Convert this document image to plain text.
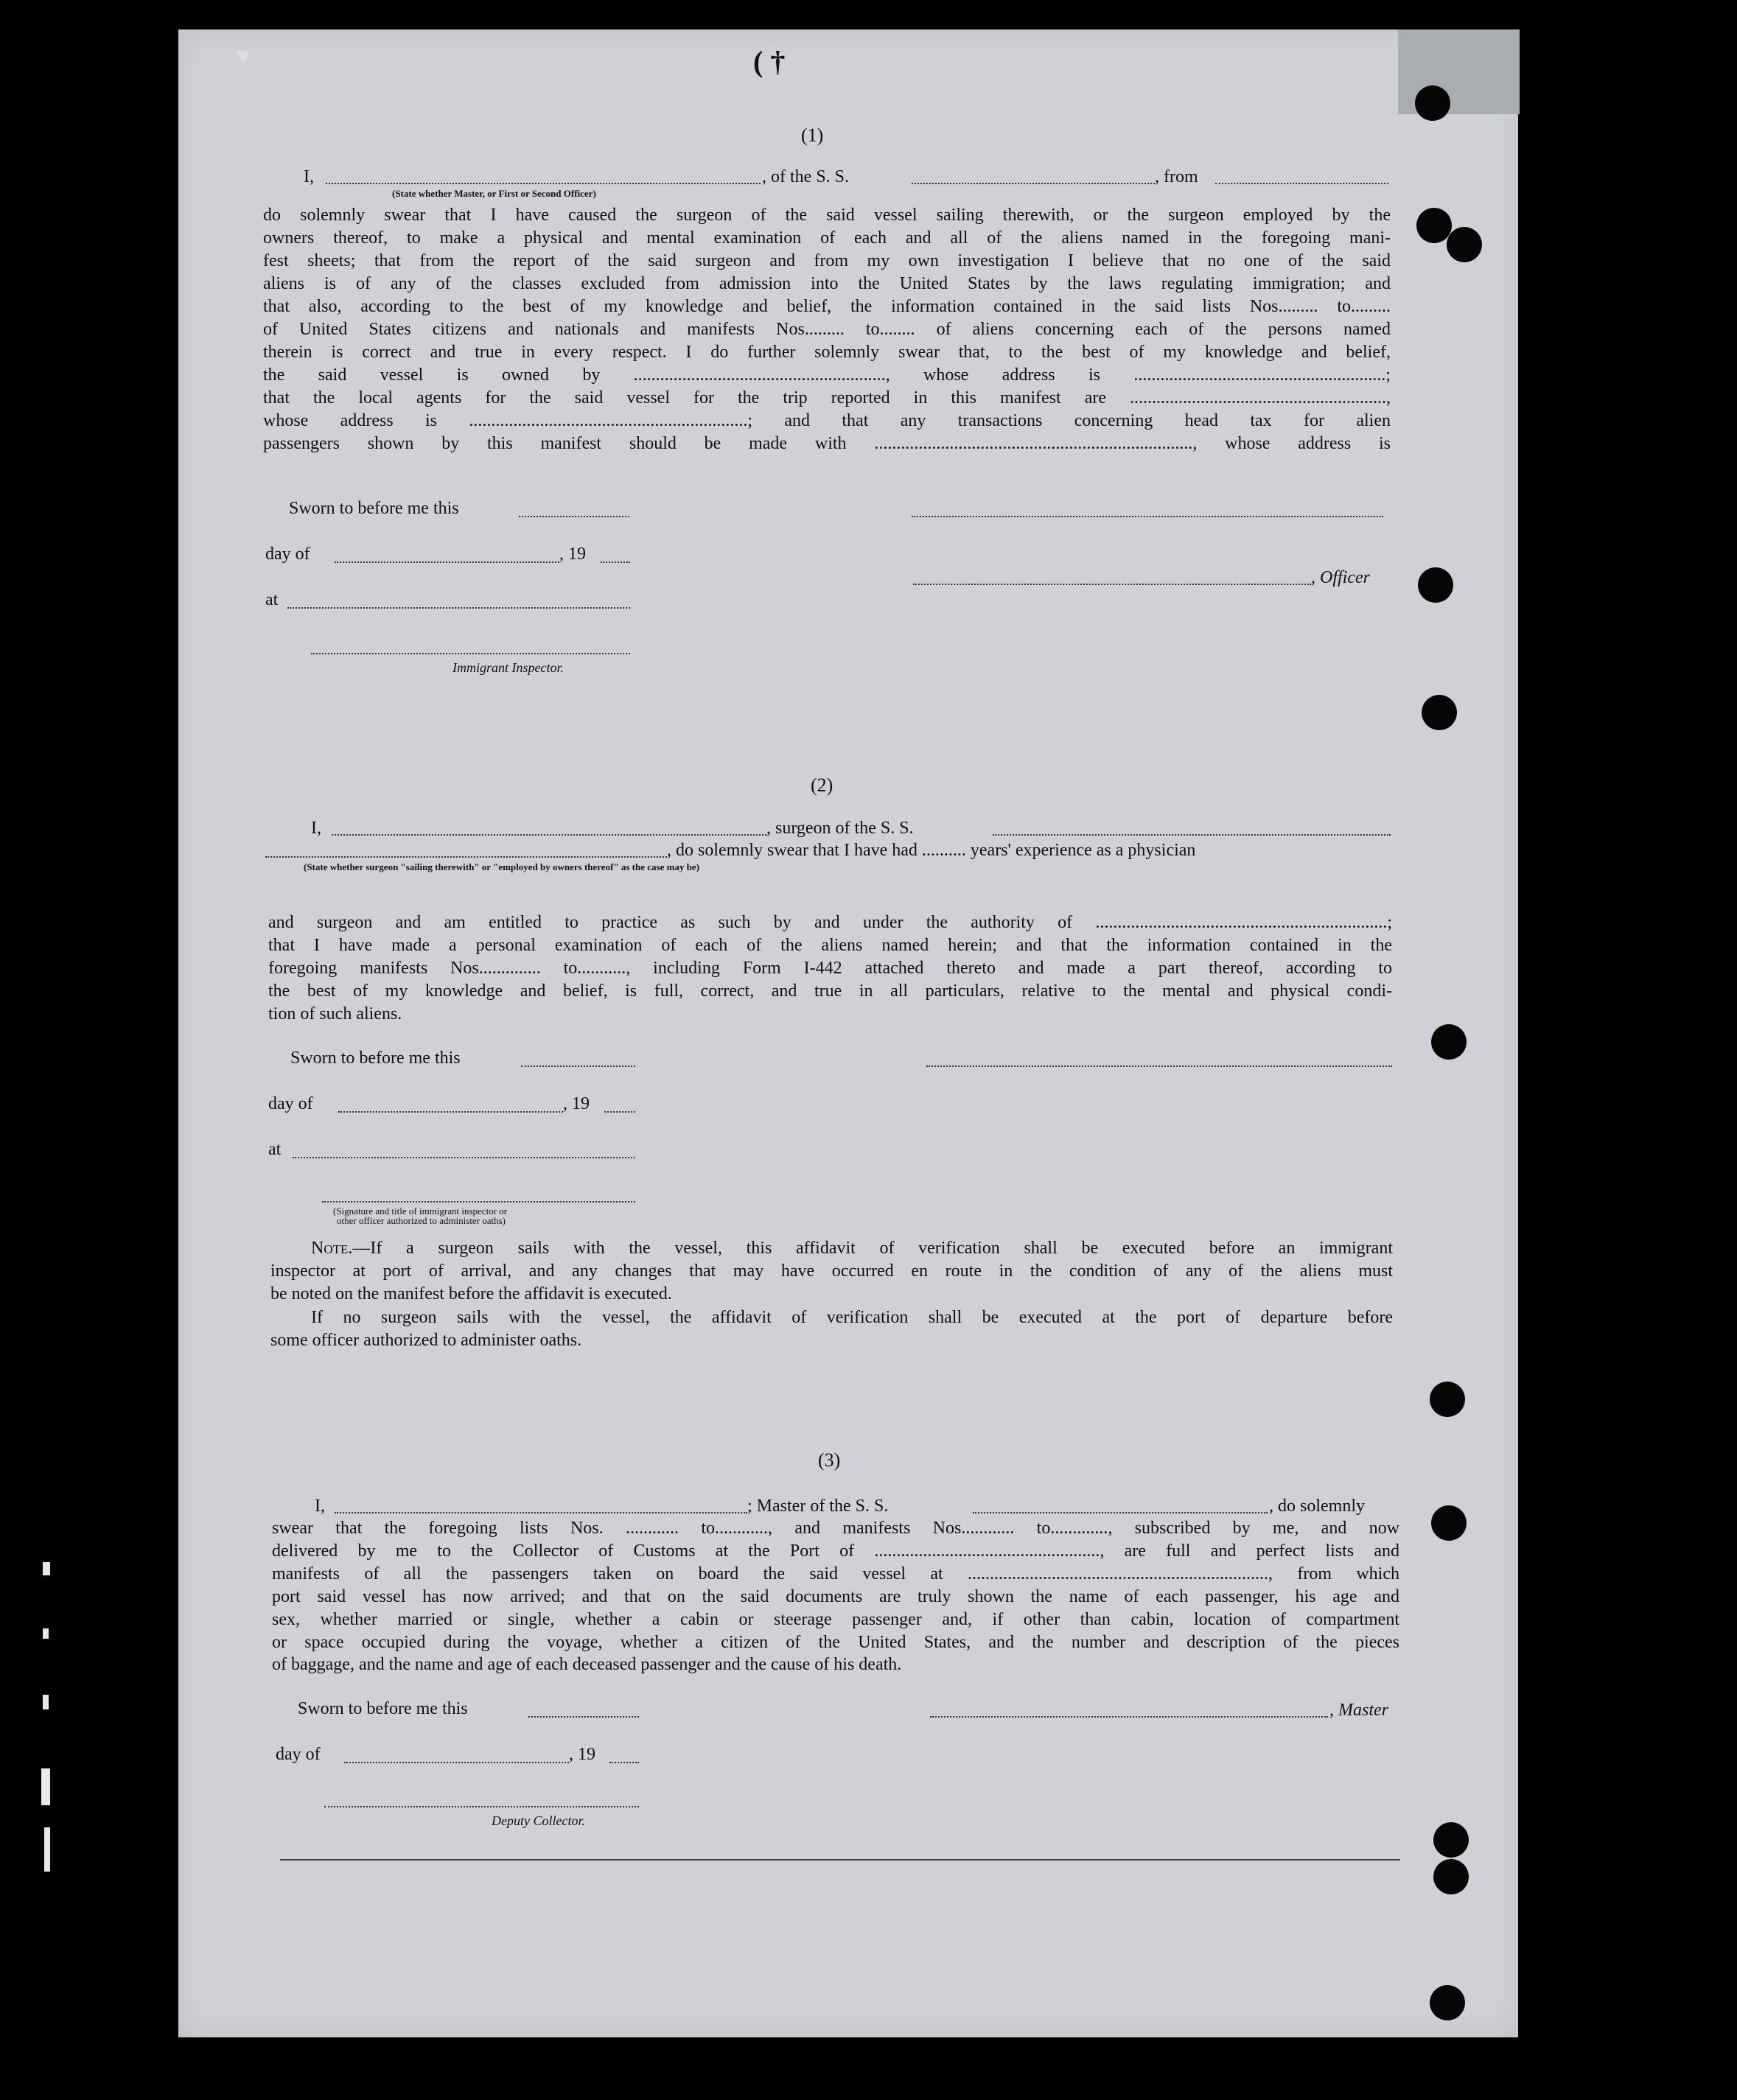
(1)
I,	, of the S. S.	, from
(State whether Master, or First or Second Officer)
do solemnly swear that I have caused the surgeon of the said vessel sailing therewith, or the surgeon employed by the
owners thereof, to make a physical and mental examination of each and all of the aliens named in the foregoing mani-
fest sheets; that from the report of the said surgeon and from my own investigation I believe that no one of the said
aliens is of any of the classes excluded from admission into the United States by the laws regulating immigration; and
that also, according to the best of my knowledge and belief, the information contained in the said lists Nos......... to.........
of United States citizens and nationals and manifests Nos......... to........ of aliens concerning each of the persons named
therein is correct and true in every respect. I do further solemnly swear that, to the best of my knowledge and belief,
the said vessel is owned by ........................................................., whose address is .........................................................;
that the local agents for the said vessel for the trip reported in this manifest are ..........................................................,
whose address is ...............................................................; and that any transactions concerning head tax for alien
passengers shown by this manifest should be made with ........................................................................, whose address is
Sworn to before me this
day of	, 19
, Officer
at
Immigrant Inspector.
(2)
I,	, surgeon of the S. S.
, do solemnly swear that I have had .......... years' experience as a physician
(State whether surgeon "sailing therewith" or "employed by owners thereof" as the case may be)
and surgeon and am entitled to practice as such by and under the authority of ..................................................................;
that I have made a personal examination of each of the aliens named herein; and that the information contained in the
foregoing manifests Nos.............. to..........., including Form I-442 attached thereto and made a part thereof, according to
the best of my knowledge and belief, is full, correct, and true in all particulars, relative to the mental and physical condi-
tion of such aliens.
Sworn to before me this
day of	, 19
at
(Signature and title of immigrant inspector or
other officer authorized to administer oaths)
Note.—If a surgeon sails with the vessel, this affidavit of verification shall be executed before an immigrant
inspector at port of arrival, and any changes that may have occurred en route in the condition of any of the aliens must
be noted on the manifest before the affidavit is executed.
If no surgeon sails with the vessel, the affidavit of verification shall be executed at the port of departure before
some officer authorized to administer oaths.
(3)
I,	; Master of the S. S.	, do solemnly
swear that the foregoing lists Nos. ............ to............, and manifests Nos............ to............., subscribed by me, and now
delivered by me to the Collector of Customs at the Port of ..................................................., are full and perfect lists and
manifests of all the passengers taken on board the said vessel at ...................................................................., from which
port said vessel has now arrived; and that on the said documents are truly shown the name of each passenger, his age and
sex, whether married or single, whether a cabin or steerage passenger and, if other than cabin, location of compartment
or space occupied during the voyage, whether a citizen of the United States, and the number and description of the pieces
of baggage, and the name and age of each deceased passenger and the cause of his death.
Sworn to before me this	, Master
day of	, 19
Deputy Collector.
( †
▼
